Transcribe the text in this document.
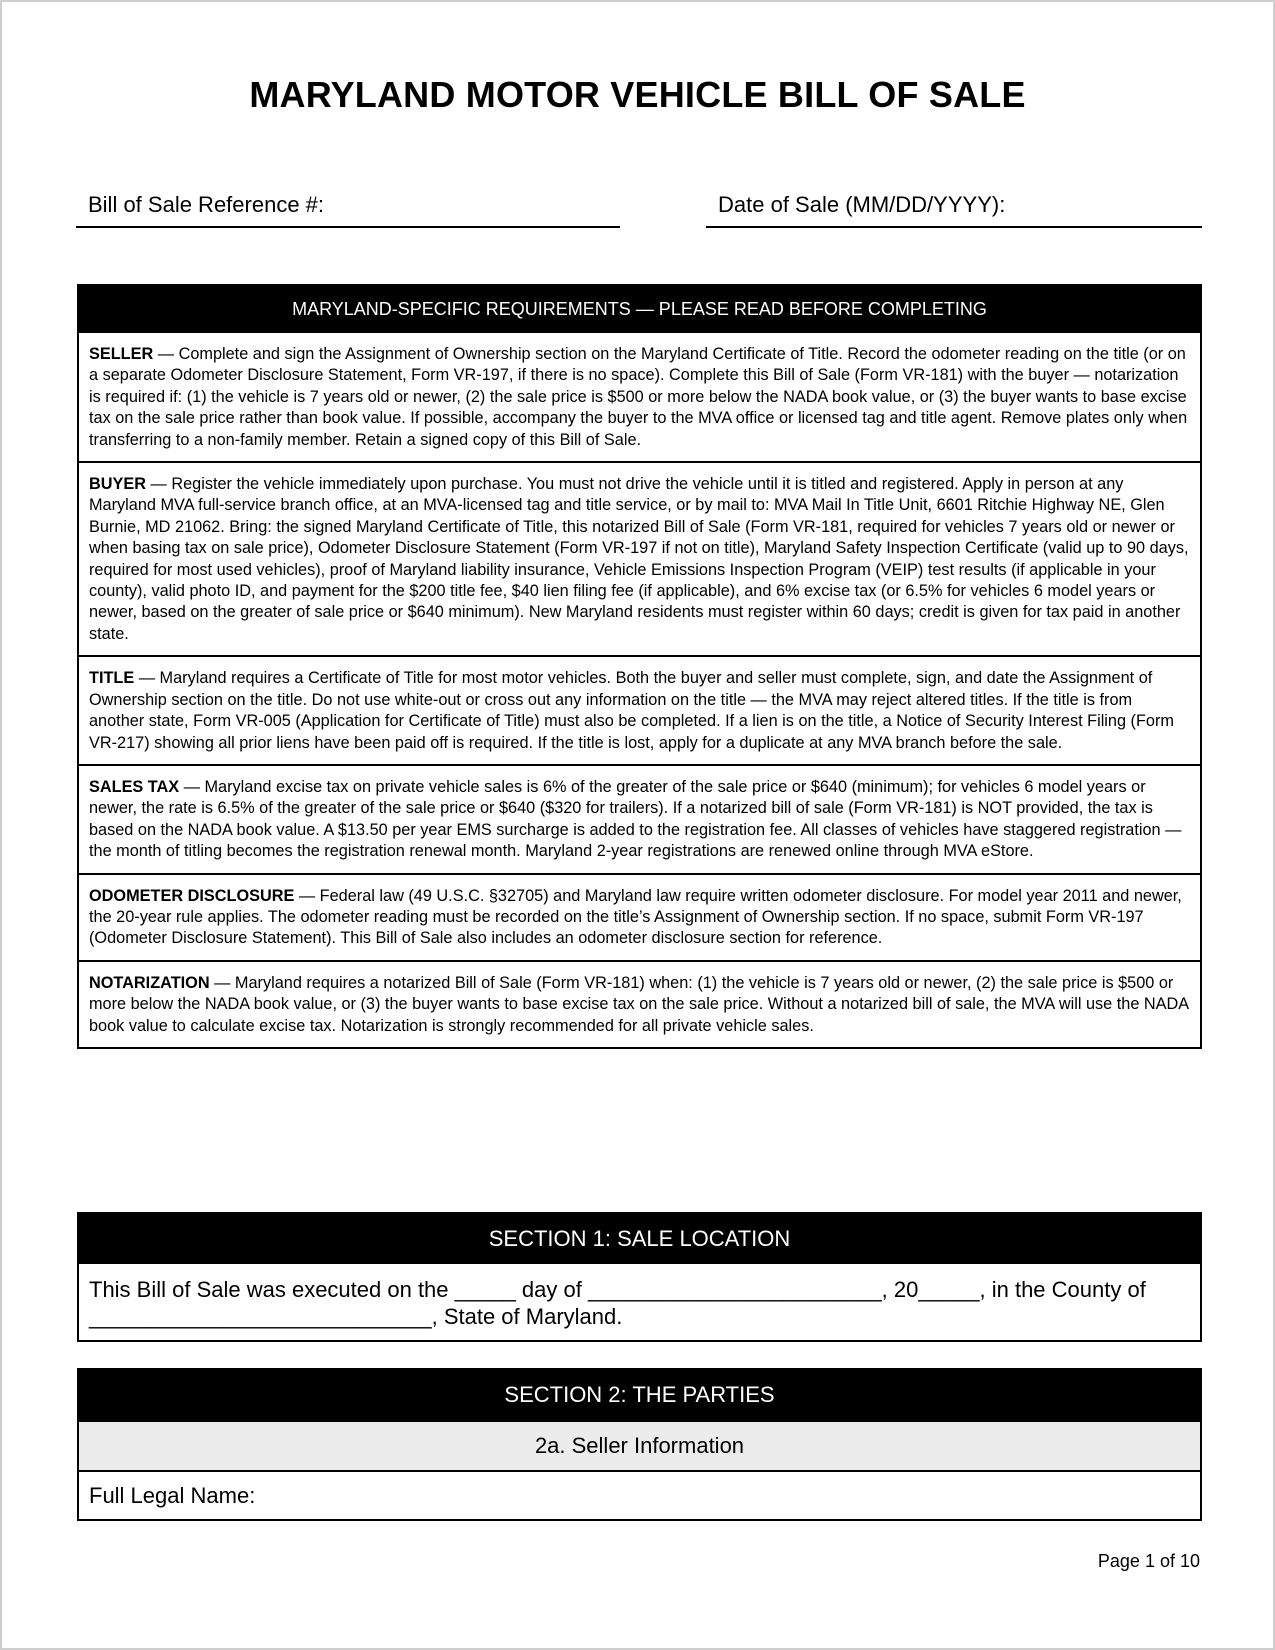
MARYLAND MOTOR VEHICLE BILL OF SALE
Bill of Sale Reference #:	Date of Sale (MM/DD/YYYY):
MARYLAND-SPECIFIC REQUIREMENTS — PLEASE READ BEFORE COMPLETING
SELLER — Complete and sign the Assignment of Ownership section on the Maryland Certificate of Title. Record the odometer reading on the title (or on a separate Odometer Disclosure Statement, Form VR-197, if there is no space). Complete this Bill of Sale (Form VR-181) with the buyer — notarization is required if: (1) the vehicle is 7 years old or newer, (2) the sale price is $500 or more below the NADA book value, or (3) the buyer wants to base excise tax on the sale price rather than book value. If possible, accompany the buyer to the MVA office or licensed tag and title agent. Remove plates only when transferring to a non-family member. Retain a signed copy of this Bill of Sale.
BUYER — Register the vehicle immediately upon purchase. You must not drive the vehicle until it is titled and registered. Apply in person at any Maryland MVA full-service branch office, at an MVA-licensed tag and title service, or by mail to: MVA Mail In Title Unit, 6601 Ritchie Highway NE, Glen Burnie, MD 21062. Bring: the signed Maryland Certificate of Title, this notarized Bill of Sale (Form VR-181, required for vehicles 7 years old or newer or when basing tax on sale price), Odometer Disclosure Statement (Form VR-197 if not on title), Maryland Safety Inspection Certificate (valid up to 90 days, required for most used vehicles), proof of Maryland liability insurance, Vehicle Emissions Inspection Program (VEIP) test results (if applicable in your county), valid photo ID, and payment for the $200 title fee, $40 lien filing fee (if applicable), and 6% excise tax (or 6.5% for vehicles 6 model years or newer, based on the greater of sale price or $640 minimum). New Maryland residents must register within 60 days; credit is given for tax paid in another state.
TITLE — Maryland requires a Certificate of Title for most motor vehicles. Both the buyer and seller must complete, sign, and date the Assignment of Ownership section on the title. Do not use white-out or cross out any information on the title — the MVA may reject altered titles. If the title is from another state, Form VR-005 (Application for Certificate of Title) must also be completed. If a lien is on the title, a Notice of Security Interest Filing (Form VR-217) showing all prior liens have been paid off is required. If the title is lost, apply for a duplicate at any MVA branch before the sale.
SALES TAX — Maryland excise tax on private vehicle sales is 6% of the greater of the sale price or $640 (minimum); for vehicles 6 model years or newer, the rate is 6.5% of the greater of the sale price or $640 ($320 for trailers). If a notarized bill of sale (Form VR-181) is NOT provided, the tax is based on the NADA book value. A $13.50 per year EMS surcharge is added to the registration fee. All classes of vehicles have staggered registration — the month of titling becomes the registration renewal month. Maryland 2-year registrations are renewed online through MVA eStore.
ODOMETER DISCLOSURE — Federal law (49 U.S.C. §32705) and Maryland law require written odometer disclosure. For model year 2011 and newer, the 20-year rule applies. The odometer reading must be recorded on the title’s Assignment of Ownership section. If no space, submit Form VR-197 (Odometer Disclosure Statement). This Bill of Sale also includes an odometer disclosure section for reference.
NOTARIZATION — Maryland requires a notarized Bill of Sale (Form VR-181) when: (1) the vehicle is 7 years old or newer, (2) the sale price is $500 or more below the NADA book value, or (3) the buyer wants to base excise tax on the sale price. Without a notarized bill of sale, the MVA will use the NADA book value to calculate excise tax. Notarization is strongly recommended for all private vehicle sales.
SECTION 1: SALE LOCATION
This Bill of Sale was executed on the _____ day of ________________________, 20_____, in the County of ____________________________, State of Maryland.
SECTION 2: THE PARTIES
2a. Seller Information
Full Legal Name:
Page 1 of 10
